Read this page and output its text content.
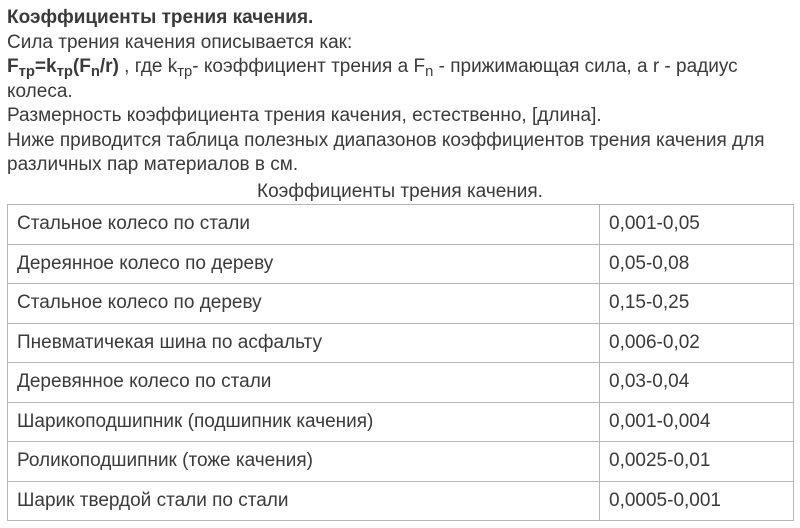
Коэффициенты трения качения.

Сила трения качения описывается как:

$F_{тр}=k_{тр}(F_n/r)$ , где $k_{тр}-$ коэффициент трения а $F_n$ - прижимающая сила, а r - радиус колеса.

Размерность коэффициента трения качения, естественно, [длина].

Ниже приводится таблица полезных диапазонов коэффициентов трения качения для различных пар материалов в см.

Коэффициенты трения качения.
Стальное колесо по стали	0,001-0,05
Дереянное колесо по дереву	0,05-0,08
Стальное колесо по дереву	0,15-0,25
Пневматичекая шина по асфальту	0,006-0,02
Деревянное колесо по стали	0,03-0,04
Шарикоподшипник (подшипник качения)	0,001-0,004
Роликоподшипник (тоже качения)	0,0025-0,01
Шарик твердой стали по стали	0,0005-0,001
